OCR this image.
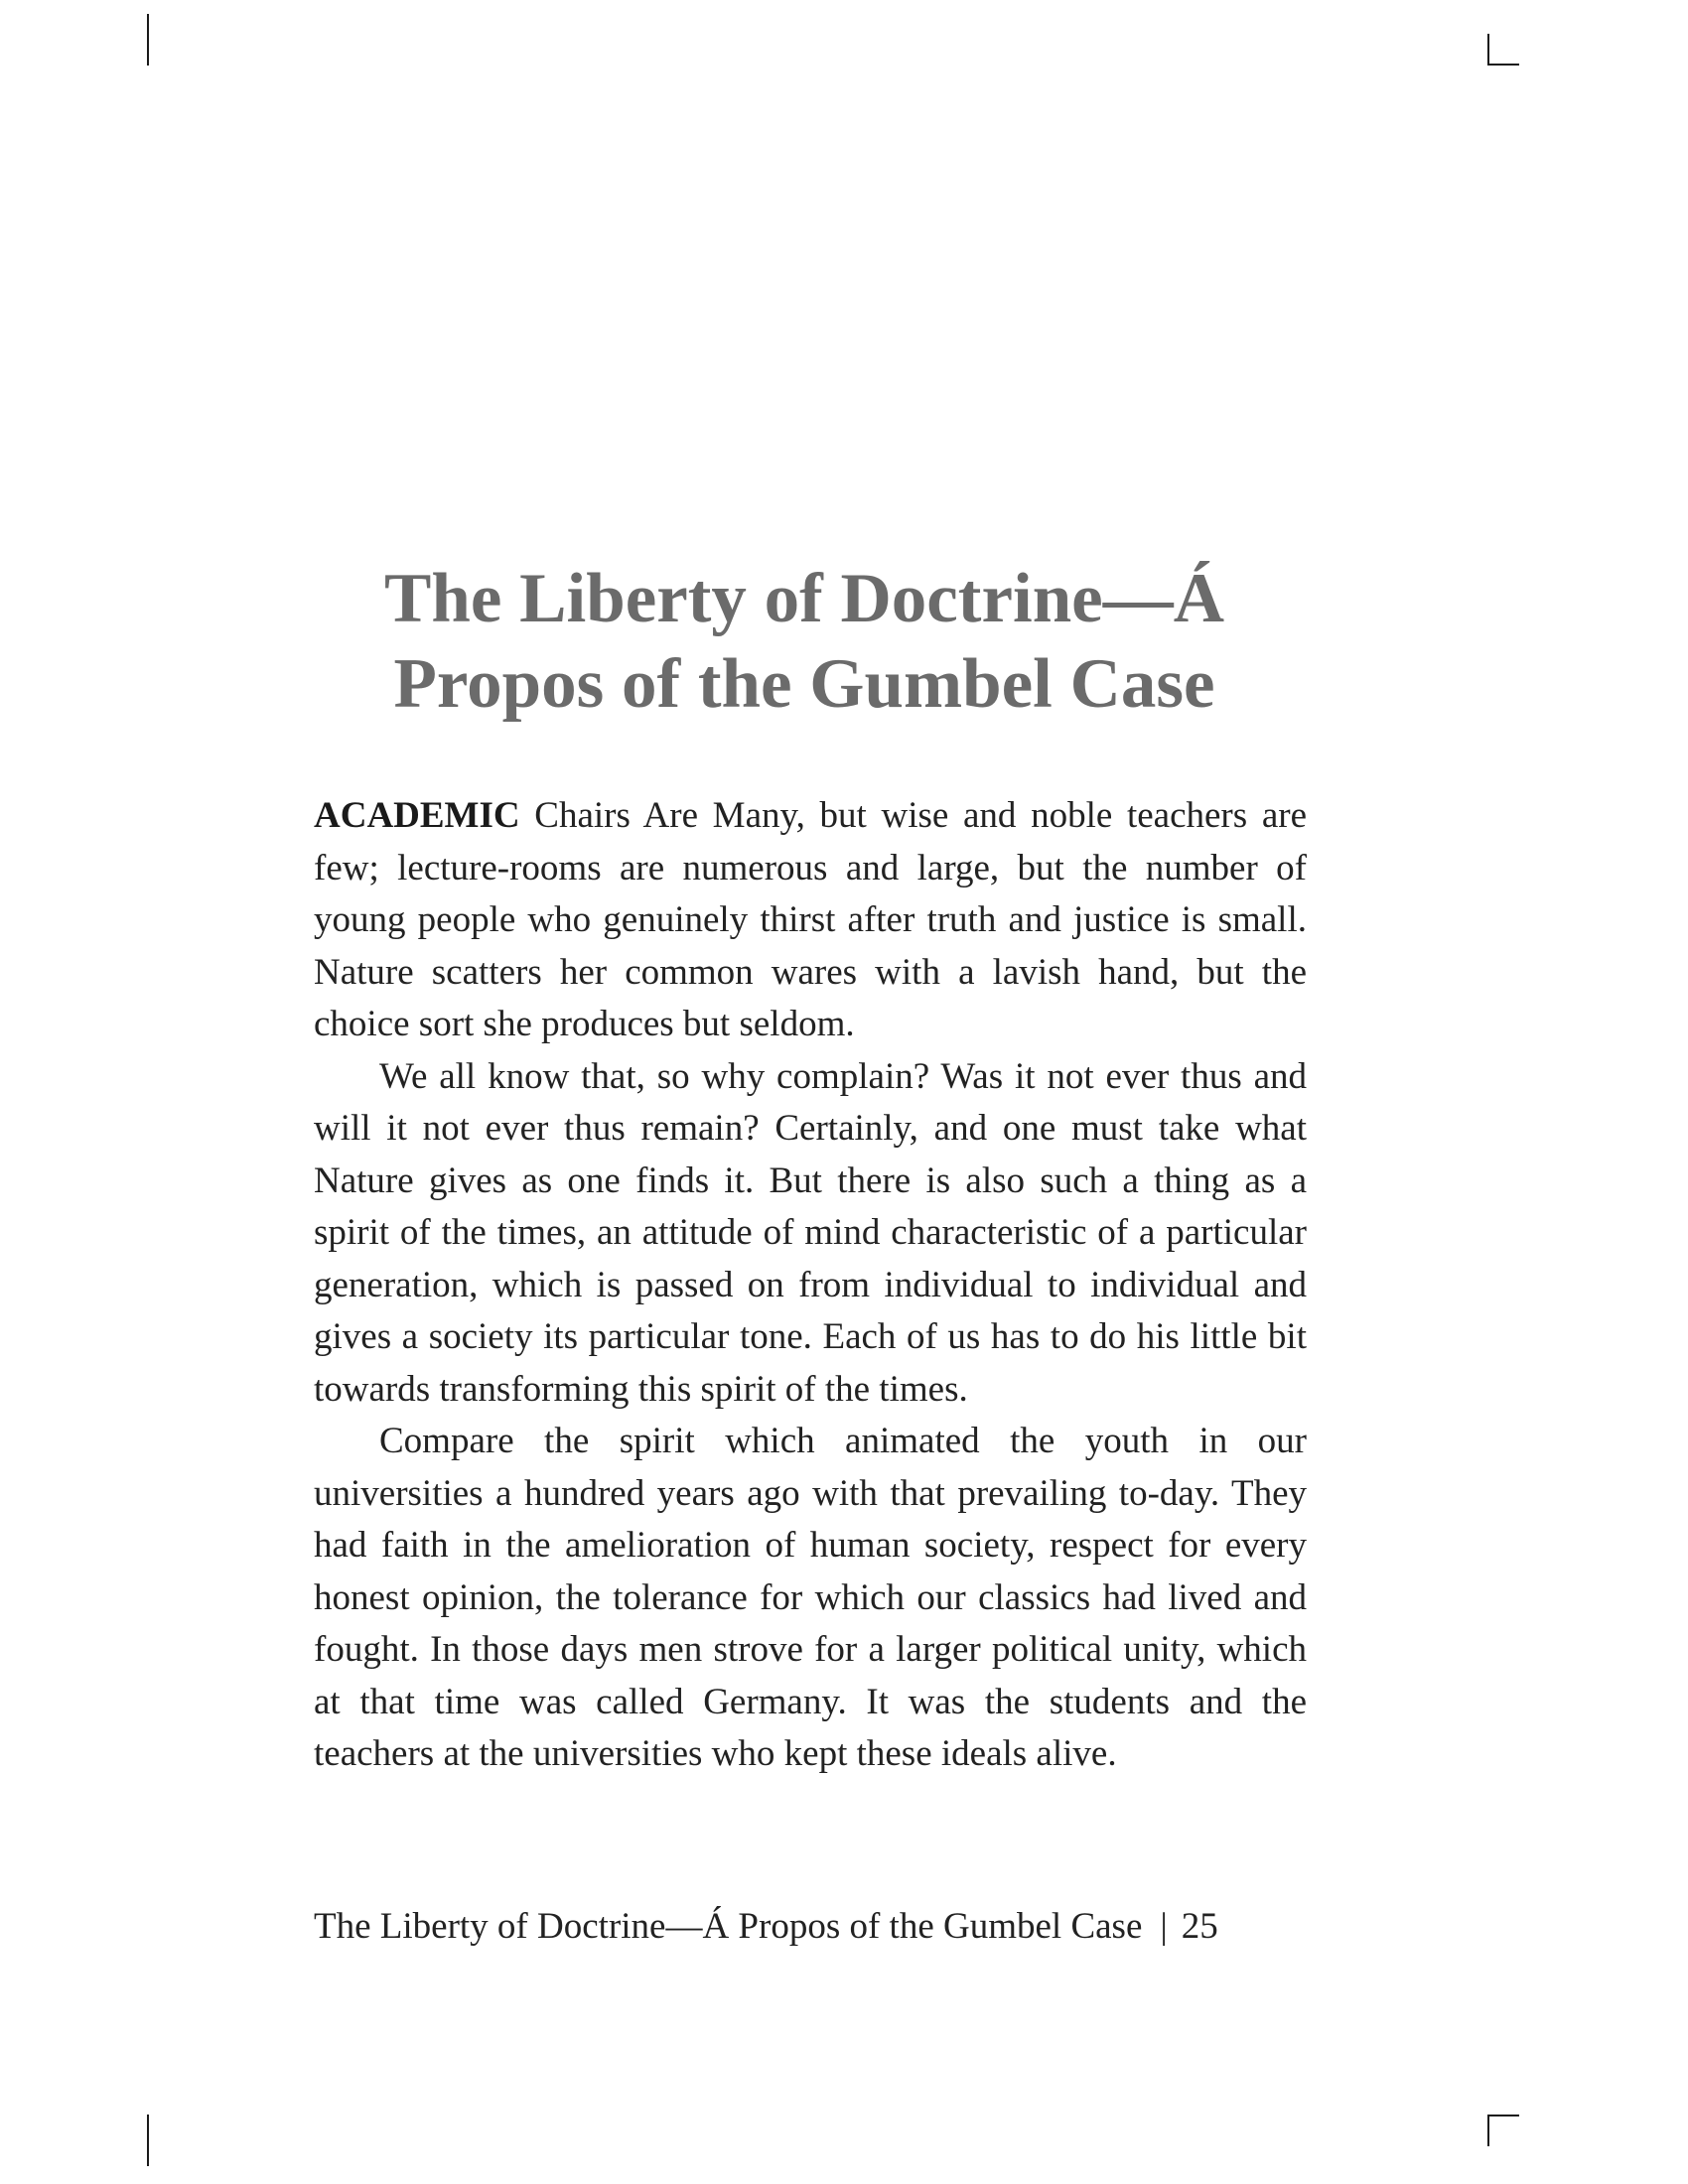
The Liberty of Doctrine—Á
Propos of the Gumbel Case

ACADEMIC Chairs Are Many, but wise and noble teachers are few; lecture-rooms are numerous and large, but the number of young people who genuinely thirst after truth and justice is small. Nature scatters her common wares with a lavish hand, but the choice sort she produces but seldom.

We all know that, so why complain? Was it not ever thus and will it not ever thus remain? Certainly, and one must take what Nature gives as one finds it. But there is also such a thing as a spirit of the times, an attitude of mind characteristic of a particular generation, which is passed on from individual to individual and gives a society its particular tone. Each of us has to do his little bit towards transforming this spirit of the times.

Compare the spirit which animated the youth in our universities a hundred years ago with that prevailing to-day. They had faith in the amelioration of human society, respect for every honest opinion, the tolerance for which our classics had lived and fought. In those days men strove for a larger political unity, which at that time was called Germany. It was the students and the teachers at the universities who kept these ideals alive.

The Liberty of Doctrine—Á Propos of the Gumbel Case | 25
